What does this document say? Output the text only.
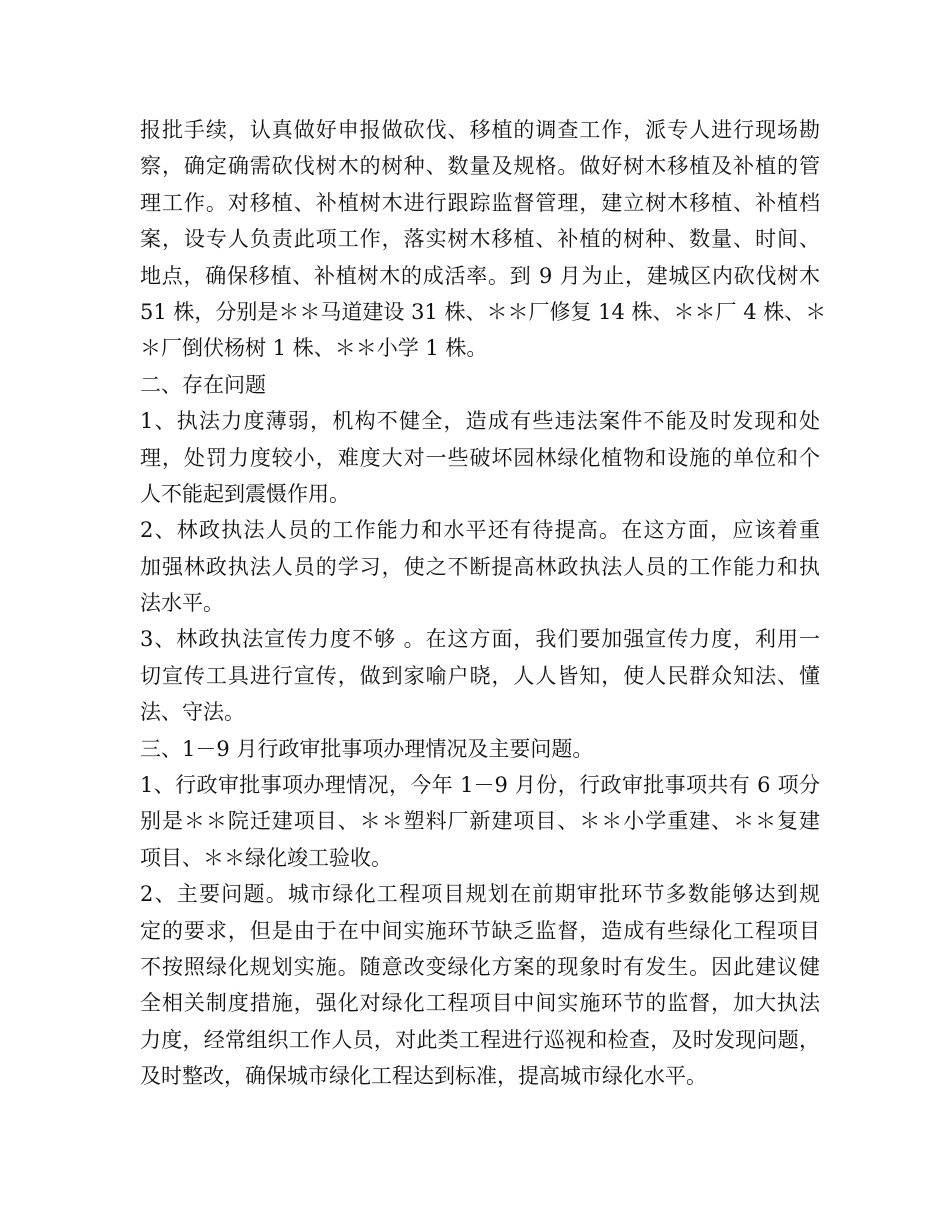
报批手续，认真做好申报做砍伐、移植的调查工作，派专人进行现场勘
察，确定确需砍伐树木的树种、数量及规格。做好树木移植及补植的管
理工作。对移植、补植树木进行跟踪监督管理，建立树木移植、补植档
案，设专人负责此项工作，落实树木移植、补植的树种、数量、时间、
地点，确保移植、补植树木的成活率。到 9 月为止，建城区内砍伐树木
51 株，分别是＊＊马道建设 31 株、＊＊厂修复 14 株、＊＊厂 4 株、＊
＊厂倒伏杨树 1 株、＊＊小学 1 株。
二、存在问题
1、执法力度薄弱，机构不健全，造成有些违法案件不能及时发现和处
理，处罚力度较小，难度大对一些破坏园林绿化植物和设施的单位和个
人不能起到震慑作用。
2、林政执法人员的工作能力和水平还有待提高。在这方面，应该着重
加强林政执法人员的学习，使之不断提高林政执法人员的工作能力和执
法水平。
3、林政执法宣传力度不够 。在这方面，我们要加强宣传力度，利用一
切宣传工具进行宣传，做到家喻户晓，人人皆知，使人民群众知法、懂
法、守法。
三、1－9 月行政审批事项办理情况及主要问题。
1、行政审批事项办理情况，今年 1－9 月份，行政审批事项共有 6 项分
别是＊＊院迁建项目、＊＊塑料厂新建项目、＊＊小学重建、＊＊复建
项目、＊＊绿化竣工验收。
2、主要问题。城市绿化工程项目规划在前期审批环节多数能够达到规
定的要求，但是由于在中间实施环节缺乏监督，造成有些绿化工程项目
不按照绿化规划实施。随意改变绿化方案的现象时有发生。因此建议健
全相关制度措施，强化对绿化工程项目中间实施环节的监督，加大执法
力度，经常组织工作人员，对此类工程进行巡视和检查，及时发现问题，
及时整改，确保城市绿化工程达到标准，提高城市绿化水平。
